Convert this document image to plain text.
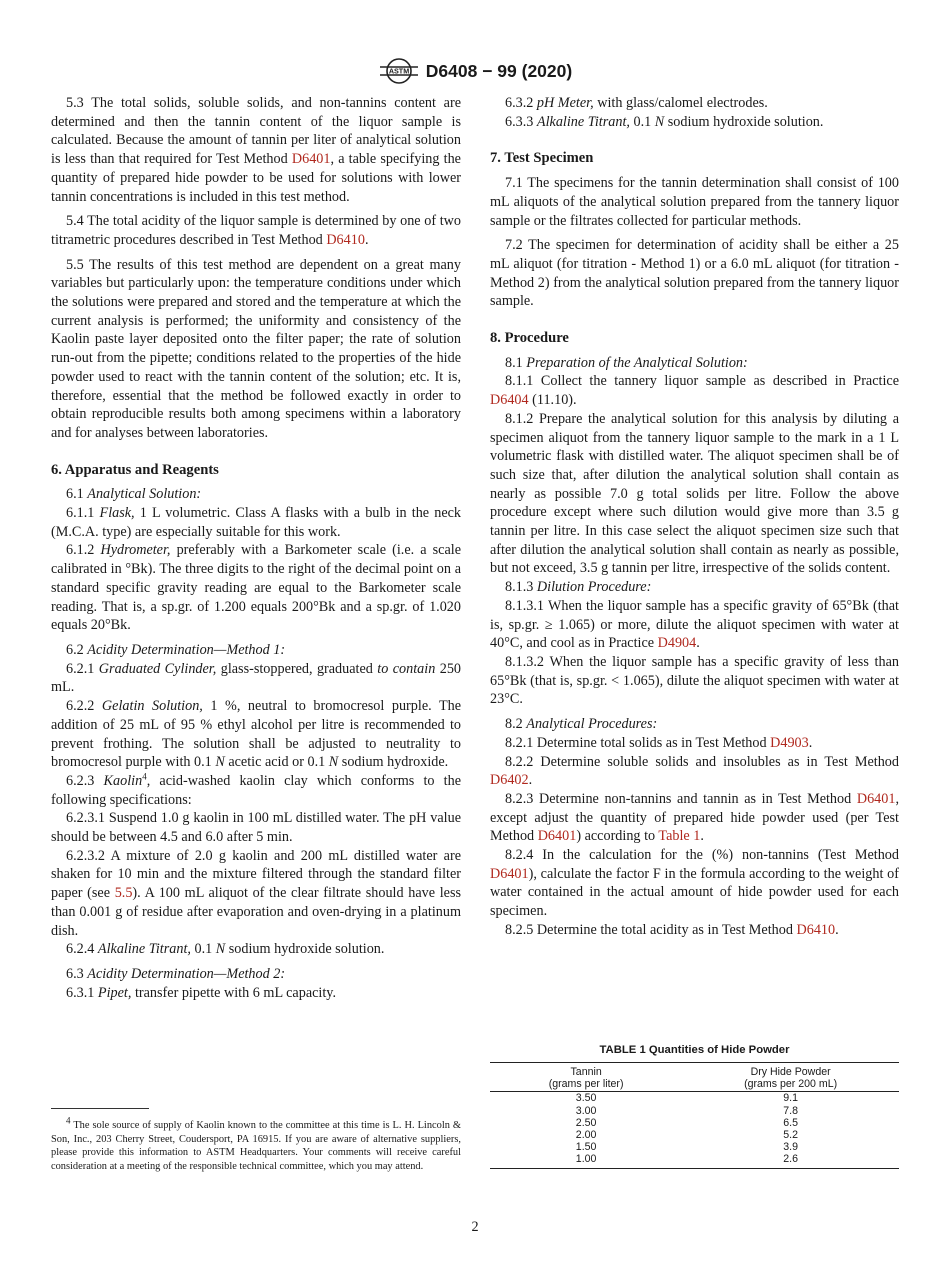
ASTM D6408 − 99 (2020)

5.3 The total solids, soluble solids, and non-tannins content are determined and then the tannin content of the liquor sample is calculated. Because the amount of tannin per liter of analytical solution is less than that required for Test Method D6401, a table specifying the quantity of prepared hide powder to be used for solutions with lower tannin concentrations is included in this test method.

5.4 The total acidity of the liquor sample is determined by one of two titrametric procedures described in Test Method D6410.

5.5 The results of this test method are dependent on a great many variables but particularly upon: the temperature conditions under which the solutions were prepared and stored and the temperature at which the current analysis is performed; the uniformity and consistency of the Kaolin paste layer deposited onto the filter paper; the rate of solution run-out from the pipette; conditions related to the properties of the hide powder used to react with the tannin content of the solution; etc. It is, therefore, essential that the method be followed exactly in order to obtain reproducible results both among specimens within a laboratory and for analyses between laboratories.

6. Apparatus and Reagents

6.1 Analytical Solution:

6.1.1 Flask, 1 L volumetric. Class A flasks with a bulb in the neck (M.C.A. type) are especially suitable for this work.

6.1.2 Hydrometer, preferably with a Barkometer scale (i.e. a scale calibrated in °Bk). The three digits to the right of the decimal point on a standard specific gravity reading are equal to the Barkometer scale reading. That is, a sp.gr. of 1.200 equals 200°Bk and a sp.gr. of 1.020 equals 20°Bk.

6.2 Acidity Determination—Method 1:

6.2.1 Graduated Cylinder, glass-stoppered, graduated to contain 250 mL.

6.2.2 Gelatin Solution, 1 %, neutral to bromocresol purple. The addition of 25 mL of 95 % ethyl alcohol per litre is recommended to prevent frothing. The solution shall be adjusted to neutrality to bromocresol purple with 0.1 N acetic acid or 0.1 N sodium hydroxide.

6.2.3 Kaolin$^4$, acid-washed kaolin clay which conforms to the following specifications:

6.2.3.1 Suspend 1.0 g kaolin in 100 mL distilled water. The pH value should be between 4.5 and 6.0 after 5 min.

6.2.3.2 A mixture of 2.0 g kaolin and 200 mL distilled water are shaken for 10 min and the mixture filtered through the standard filter paper (see 5.5). A 100 mL aliquot of the clear filtrate should have less than 0.001 g of residue after evaporation and oven-drying in a platinum dish.

6.2.4 Alkaline Titrant, 0.1 N sodium hydroxide solution.

6.3 Acidity Determination—Method 2:

6.3.1 Pipet, transfer pipette with 6 mL capacity.

$^4$ The sole source of supply of Kaolin known to the committee at this time is L. H. Lincoln & Son, Inc., 203 Cherry Street, Coudersport, PA 16915. If you are aware of alternative suppliers, please provide this information to ASTM Headquarters. Your comments will receive careful consideration at a meeting of the responsible technical committee, which you may attend.

6.3.2 pH Meter, with glass/calomel electrodes.

6.3.3 Alkaline Titrant, 0.1 N sodium hydroxide solution.

7. Test Specimen

7.1 The specimens for the tannin determination shall consist of 100 mL aliquots of the analytical solution prepared from the tannery liquor sample or the filtrates collected for particular methods.

7.2 The specimen for determination of acidity shall be either a 25 mL aliquot (for titration - Method 1) or a 6.0 mL aliquot (for titration - Method 2) from the analytical solution prepared from the tannery liquor sample.

8. Procedure

8.1 Preparation of the Analytical Solution:

8.1.1 Collect the tannery liquor sample as described in Practice D6404 (11.10).

8.1.2 Prepare the analytical solution for this analysis by diluting a specimen aliquot from the tannery liquor sample to the mark in a 1 L volumetric flask with distilled water. The aliquot specimen shall be of such size that, after dilution the analytical solution shall contain as nearly as possible 7.0 g total solids per litre. Follow the above procedure except where such dilution would give more than 3.5 g tannin per litre. In this case select the aliquot specimen size such that after dilution the analytical solution shall contain as nearly as possible, but not exceed, 3.5 g tannin per litre, irrespective of the solids content.

8.1.3 Dilution Procedure:

8.1.3.1 When the liquor sample has a specific gravity of 65°Bk (that is, sp.gr. ≥ 1.065) or more, dilute the aliquot specimen with water at 40°C, and cool as in Practice D4904.

8.1.3.2 When the liquor sample has a specific gravity of less than 65°Bk (that is, sp.gr. < 1.065), dilute the aliquot specimen with water at 23°C.

8.2 Analytical Procedures:

8.2.1 Determine total solids as in Test Method D4903.

8.2.2 Determine soluble solids and insolubles as in Test Method D6402.

8.2.3 Determine non-tannins and tannin as in Test Method D6401, except adjust the quantity of prepared hide powder used (per Test Method D6401) according to Table 1.

8.2.4 In the calculation for the (%) non-tannins (Test Method D6401), calculate the factor F in the formula according to the weight of water contained in the actual amount of hide powder used for each specimen.

8.2.5 Determine the total acidity as in Test Method D6410.

TABLE 1 Quantities of Hide Powder
Tannin	Dry Hide Powder
(grams per liter)	(grams per 200 mL)
3.50	9.1
3.00	7.8
2.50	6.5
2.00	5.2
1.50	3.9
1.00	2.6
2
